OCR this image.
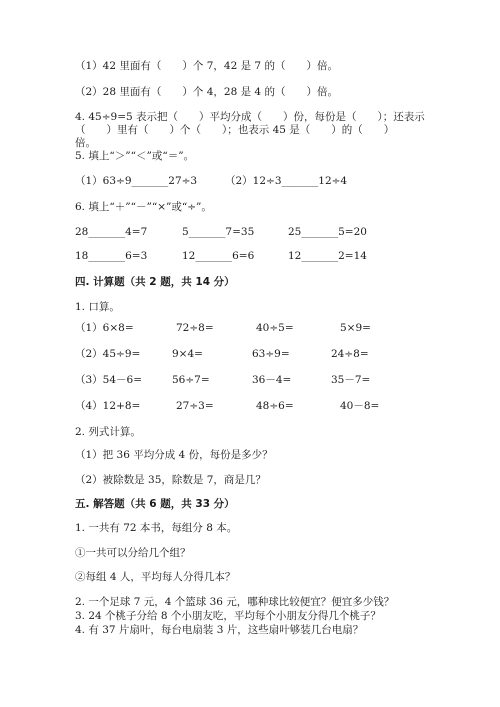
（1）42 里面有（　　）个 7，42 是 7 的（　　）倍。
（2）28 里面有（　　）个 4，28 是 4 的（　　）倍。
4. 45÷9=5 表示把（　　）平均分成（　　）份，每份是（　　）；还表示
（　　）里有（　　）个（　　）；也表示 45 是（　　）的（　　）
倍。
5. 填上“＞”“＜”或“＝”。
（1）63÷9_______27÷3	（2）12÷3_______12÷4
6. 填上“＋”“－”“×”或“÷”。
28_______4=7	5_______7=35	25_______5=20
18_______6=3	12_______6=6	12_______2=14
四. 计算题（共 2 题，共 14 分）
1. 口算。
（1）6×8=	72÷8=	40÷5=	5×9=
（2）45÷9=	9×4=	63÷9=	24÷8=
（3）54－6=	56÷7=	36－4=	35－7=
（4）12+8=	27÷3=	48÷6=	40－8=
2. 列式计算。
（1）把 36 平均分成 4 份，每份是多少？
（2）被除数是 35，除数是 7，商是几？
五. 解答题（共 6 题，共 33 分）
1. 一共有 72 本书，每组分 8 本。
①一共可以分给几个组？
②每组 4 人，平均每人分得几本？
2. 一个足球 7 元，4 个篮球 36 元，哪种球比较便宜？便宜多少钱？
3. 24 个桃子分给 8 个小朋友吃，平均每个小朋友分得几个桃子？
4. 有 37 片扇叶，每台电扇装 3 片，这些扇叶够装几台电扇？
